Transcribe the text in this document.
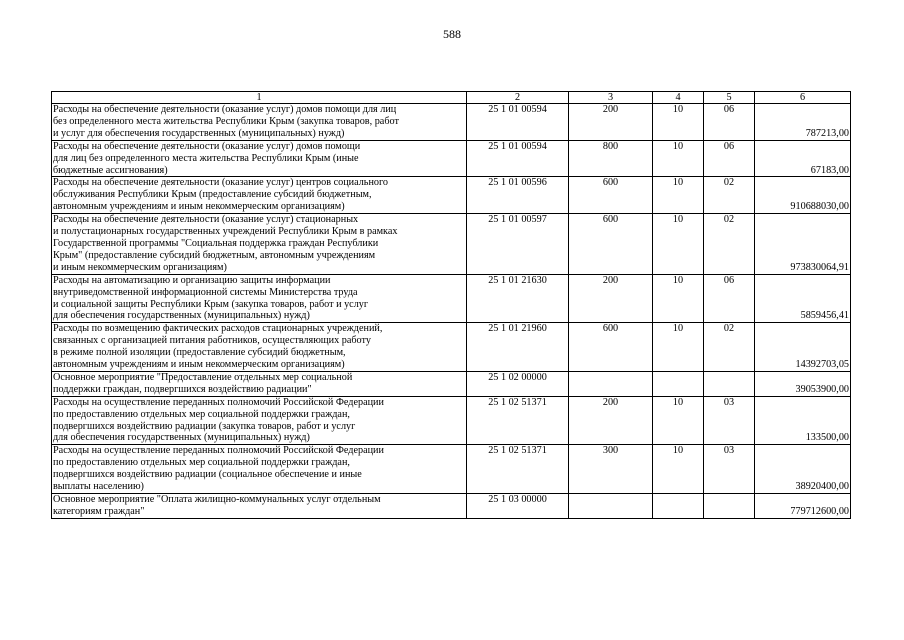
588
1	2	3	4	5	6
Расходы на обеспечение деятельности (оказание услуг) домов помощи для лиц
без определенного места жительства Республики Крым (закупка товаров, работ
и услуг для обеспечения государственных (муниципальных) нужд)	25 1 01 00594	200	10	06	787213,00
Расходы на обеспечение деятельности (оказание услуг) домов помощи
для лиц без определенного места жительства Республики Крым (иные
бюджетные ассигнования)	25 1 01 00594	800	10	06	67183,00
Расходы на обеспечение деятельности (оказание услуг) центров социального
обслуживания Республики Крым (предоставление субсидий бюджетным,
автономным учреждениям и иным некоммерческим организациям)	25 1 01 00596	600	10	02	910688030,00
Расходы на обеспечение деятельности (оказание услуг) стационарных
и полустационарных государственных учреждений Республики Крым в рамках
Государственной программы "Социальная поддержка граждан Республики
Крым" (предоставление субсидий бюджетным, автономным учреждениям
и иным некоммерческим организациям)	25 1 01 00597	600	10	02	973830064,91
Расходы на автоматизацию и организацию защиты информации
внутриведомственной информационной системы Министерства труда
и социальной защиты Республики Крым (закупка товаров, работ и услуг
для обеспечения государственных (муниципальных) нужд)	25 1 01 21630	200	10	06	5859456,41
Расходы по возмещению фактических расходов стационарных учреждений,
связанных с организацией питания работников, осуществляющих работу
в режиме полной изоляции (предоставление субсидий бюджетным,
автономным учреждениям и иным некоммерческим организациям)	25 1 01 21960	600	10	02	14392703,05
Основное мероприятие "Предоставление отдельных мер социальной
поддержки граждан, подвергшихся воздействию радиации"	25 1 02 00000				39053900,00
Расходы на осуществление переданных полномочий Российской Федерации
по предоставлению отдельных мер социальной поддержки граждан,
подвергшихся воздействию радиации (закупка товаров, работ и услуг
для обеспечения государственных (муниципальных) нужд)	25 1 02 51371	200	10	03	133500,00
Расходы на осуществление переданных полномочий Российской Федерации
по предоставлению отдельных мер социальной поддержки граждан,
подвергшихся воздействию радиации (социальное обеспечение и иные
выплаты населению)	25 1 02 51371	300	10	03	38920400,00
Основное мероприятие "Оплата жилищно-коммунальных услуг отдельным
категориям граждан"	25 1 03 00000				779712600,00
